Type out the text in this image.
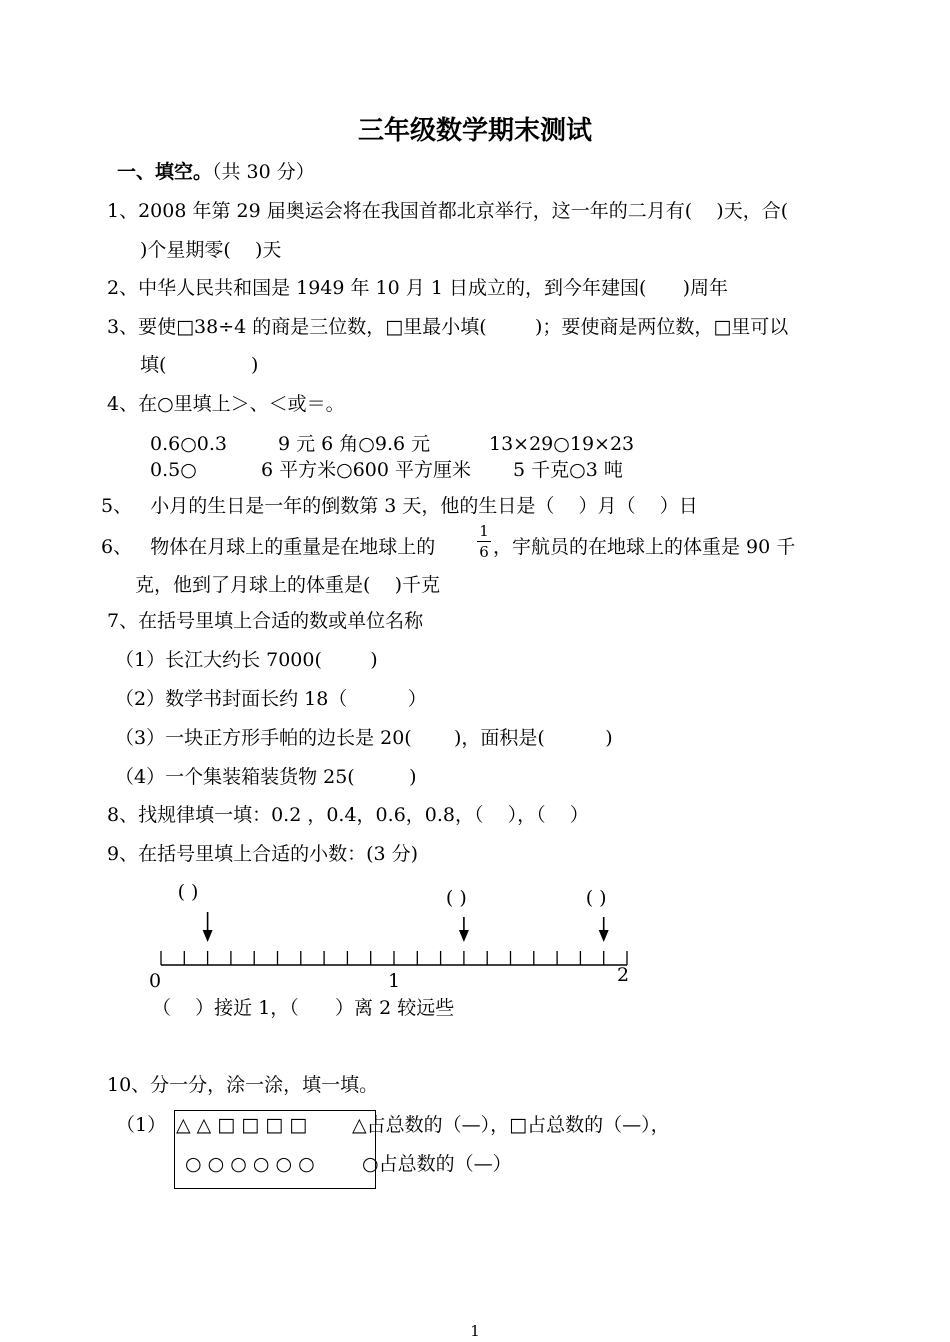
三年级数学期末测试
一、填空。（共 30 分）
1、2008 年第 29 届奥运会将在我国首都北京举行，这一年的二月有(    )天，合(
)个星期零(    )天
2、中华人民共和国是 1949 年 10 月 1 日成立的，到今年建国(      )周年
3、要使□38÷4 的商是三位数，□里最小填(        )；要使商是两位数，□里可以
填(              )
4、在○里填上＞、＜或＝。
0.6○0.3	9 元 6 角○9.6 元	13×29○19×23
0.5○	6 平方米○600 平方厘米 5 千克○3 吨
5、   小月的生日是一年的倒数第 3 天，他的生日是（    ）月（    ）日
6、   物体在月球上的重量是在地球上的
1
6 ，宇航员的在地球上的体重是 90 千
克，他到了月球上的体重是(    )千克
7、在括号里填上合适的数或单位名称
（1）长江大约长 7000(        )
（2）数学书封面长约 18（          ）
（3）一块正方形手帕的边长是 20(       )，面积是(          )
（4）一个集装箱装货物 25(         )
8、找规律填一填：0.2 ，0.4，0.6，0.8，（    ），（    ）
9、在括号里填上合适的小数：(3 分)
0	1	2
( )	( )	( )
（    ）接近 1，（      ）离 2 较远些
10、分一分，涂一涂，填一填。
（1） △ △ □ □ □ □
○ ○ ○ ○ ○ ○
△占总数的（—），□占总数的（—），
○占总数的（—）
1
